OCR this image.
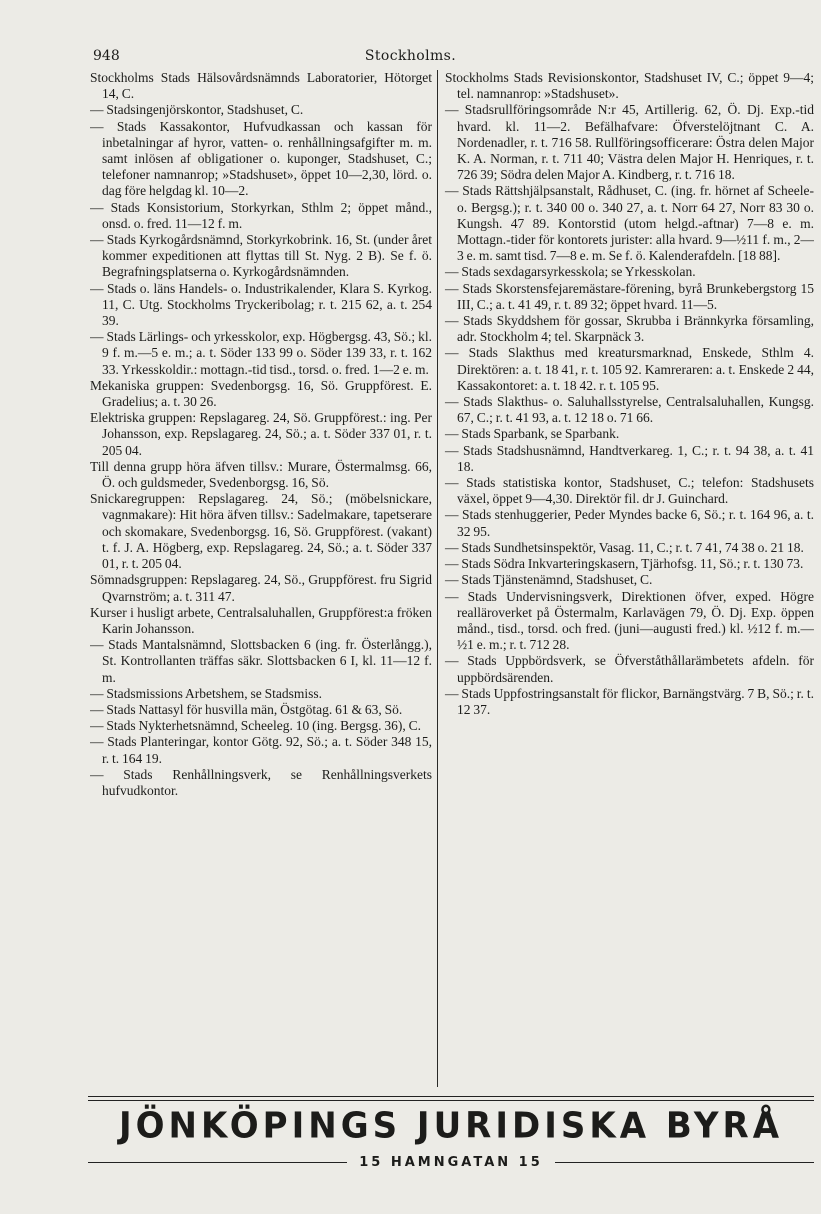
948	Stockholms.

Stockholms Stads Hälsovårdsnämnds Laboratorier, Hötorget 14, C.

— Stadsingenjörskontor, Stadshuset, C.

— Stads Kassakontor, Hufvudkassan och kassan för inbetalningar af hyror, vatten- o. renhållningsafgifter m. m. samt inlösen af obligationer o. kuponger, Stadshuset, C.; telefoner namnanrop; »Stadshuset», öppet 10—2,30, lörd. o. dag före helgdag kl. 10—2.

— Stads Konsistorium, Storkyrkan, Sthlm 2; öppet månd., onsd. o. fred. 11—12 f. m.

— Stads Kyrkogårdsnämnd, Storkyrkobrink. 16, St. (under året kommer expeditionen att flyttas till St. Nyg. 2 B). Se f. ö. Begrafningsplatserna o. Kyrkogårdsnämnden.

— Stads o. läns Handels- o. Industrikalender, Klara S. Kyrkog. 11, C. Utg. Stockholms Tryckeribolag; r. t. 215 62, a. t. 254 39.

— Stads Lärlings- och yrkesskolor, exp. Högbergsg. 43, Sö.; kl. 9 f. m.—5 e. m.; a. t. Söder 133 99 o. Söder 139 33, r. t. 162 33. Yrkesskoldir.: mottagn.-tid tisd., torsd. o. fred. 1—2 e. m.

Mekaniska gruppen: Svedenborgsg. 16, Sö. Gruppförest. E. Gradelius; a. t. 30 26.

Elektriska gruppen: Repslagareg. 24, Sö. Gruppförest.: ing. Per Johansson, exp. Repslagareg. 24, Sö.; a. t. Söder 337 01, r. t. 205 04.

Till denna grupp höra äfven tillsv.: Murare, Östermalmsg. 66, Ö. och guldsmeder, Svedenborgsg. 16, Sö.

Snickaregruppen: Repslagareg. 24, Sö.; (möbelsnickare, vagnmakare): Hit höra äfven tillsv.: Sadelmakare, tapetserare och skomakare, Svedenborgsg. 16, Sö. Gruppförest. (vakant) t. f. J. A. Högberg, exp. Repslagareg. 24, Sö.; a. t. Söder 337 01, r. t. 205 04.

Sömnadsgruppen: Repslagareg. 24, Sö., Gruppförest. fru Sigrid Qvarnström; a. t. 311 47.

Kurser i husligt arbete, Centralsaluhallen, Gruppförest:a fröken Karin Johansson.

— Stads Mantalsnämnd, Slottsbacken 6 (ing. fr. Österlångg.), St. Kontrollanten träffas säkr. Slottsbacken 6 I, kl. 11—12 f. m.

— Stadsmissions Arbetshem, se Stadsmiss.

— Stads Nattasyl för husvilla män, Östgötag. 61 & 63, Sö.

— Stads Nykterhetsnämnd, Scheeleg. 10 (ing. Bergsg. 36), C.

— Stads Planteringar, kontor Götg. 92, Sö.; a. t. Söder 348 15, r. t. 164 19.

— Stads Renhållningsverk, se Renhållningsverkets hufvudkontor.

Stockholms Stads Revisionskontor, Stadshuset IV, C.; öppet 9—4; tel. namnanrop: »Stadshuset».

— Stadsrullföringsområde N:r 45, Artillerig. 62, Ö. Dj. Exp.-tid hvard. kl. 11—2. Befälhafvare: Öfverstelöjtnant C. A. Nordenadler, r. t. 716 58. Rullföringsofficerare: Östra delen Major K. A. Norman, r. t. 711 40; Västra delen Major H. Henriques, r. t. 726 39; Södra delen Major A. Kindberg, r. t. 716 18.

— Stads Rättshjälpsanstalt, Rådhuset, C. (ing. fr. hörnet af Scheele- o. Bergsg.); r. t. 340 00 o. 340 27, a. t. Norr 64 27, Norr 83 30 o. Kungsh. 47 89. Kontorstid (utom helgd.-aftnar) 7—8 e. m. Mottagn.-tider för kontorets jurister: alla hvard. 9—½11 f. m., 2—3 e. m. samt tisd. 7—8 e. m. Se f. ö. Kalenderafdeln. [18 88].

— Stads sexdagarsyrkesskola; se Yrkesskolan.

— Stads Skorstensfejaremästare-förening, byrå Brunkebergstorg 15 III, C.; a. t. 41 49, r. t. 89 32; öppet hvard. 11—5.

— Stads Skyddshem för gossar, Skrubba i Brännkyrka församling, adr. Stockholm 4; tel. Skarpnäck 3.

— Stads Slakthus med kreatursmarknad, Enskede, Sthlm 4. Direktören: a. t. 18 41, r. t. 105 92. Kamreraren: a. t. Enskede 2 44, Kassakontoret: a. t. 18 42. r. t. 105 95.

— Stads Slakthus- o. Saluhallsstyrelse, Centralsaluhallen, Kungsg. 67, C.; r. t. 41 93, a. t. 12 18 o. 71 66.

— Stads Sparbank, se Sparbank.

— Stads Stadshusnämnd, Handtverkareg. 1, C.; r. t. 94 38, a. t. 41 18.

— Stads statistiska kontor, Stadshuset, C.; telefon: Stadshusets växel, öppet 9—4,30. Direktör fil. dr J. Guinchard.

— Stads stenhuggerier, Peder Myndes backe 6, Sö.; r. t. 164 96, a. t. 32 95.

— Stads Sundhetsinspektör, Vasag. 11, C.; r. t. 7 41, 74 38 o. 21 18.

— Stads Södra Inkvarteringskasern, Tjärhofsg. 11, Sö.; r. t. 130 73.

— Stads Tjänstenämnd, Stadshuset, C.

— Stads Undervisningsverk, Direktionen öfver, exped. Högre realläroverket på Östermalm, Karlavägen 79, Ö. Dj. Exp. öppen månd., tisd., torsd. och fred. (juni—augusti fred.) kl. ½12 f. m.—½1 e. m.; r. t. 712 28.

— Stads Uppbördsverk, se Öfverståthållarämbetets afdeln. för uppbördsärenden.

— Stads Uppfostringsanstalt för flickor, Barnängstvärg. 7 B, Sö.; r. t. 12 37.

JÖNKÖPINGS JURIDISKA BYRÅ
15 HAMNGATAN 15
